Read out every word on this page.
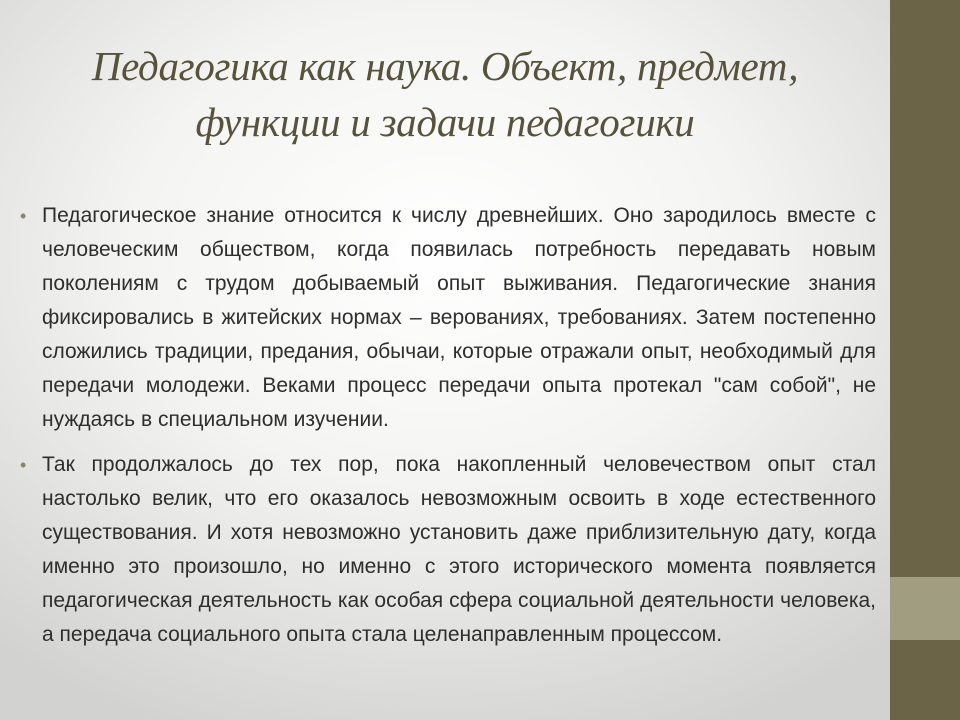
Педагогика как наука. Объект, предмет,
функции и задачи педагогики
• Педагогическое знание относится к числу древнейших. Оно зародилось вместе с человеческим обществом, когда появилась потребность передавать новым поколениям с трудом добываемый опыт выживания. Педагогические знания фиксировались в житейских нормах – верованиях, требованиях. Затем постепенно сложились традиции, предания, обычаи, которые отражали опыт, необходимый для передачи молодежи. Веками процесс передачи опыта протекал "сам собой", не нуждаясь в специальном изучении.
• Так продолжалось до тех пор, пока накопленный человечеством опыт стал настолько велик, что его оказалось невозможным освоить в ходе естественного существования. И хотя невозможно установить даже приблизительную дату, когда именно это произошло, но именно с этого исторического момента появляется педагогическая деятельность как особая сфера социальной деятельности человека, а передача социального опыта стала целенаправленным процессом.
